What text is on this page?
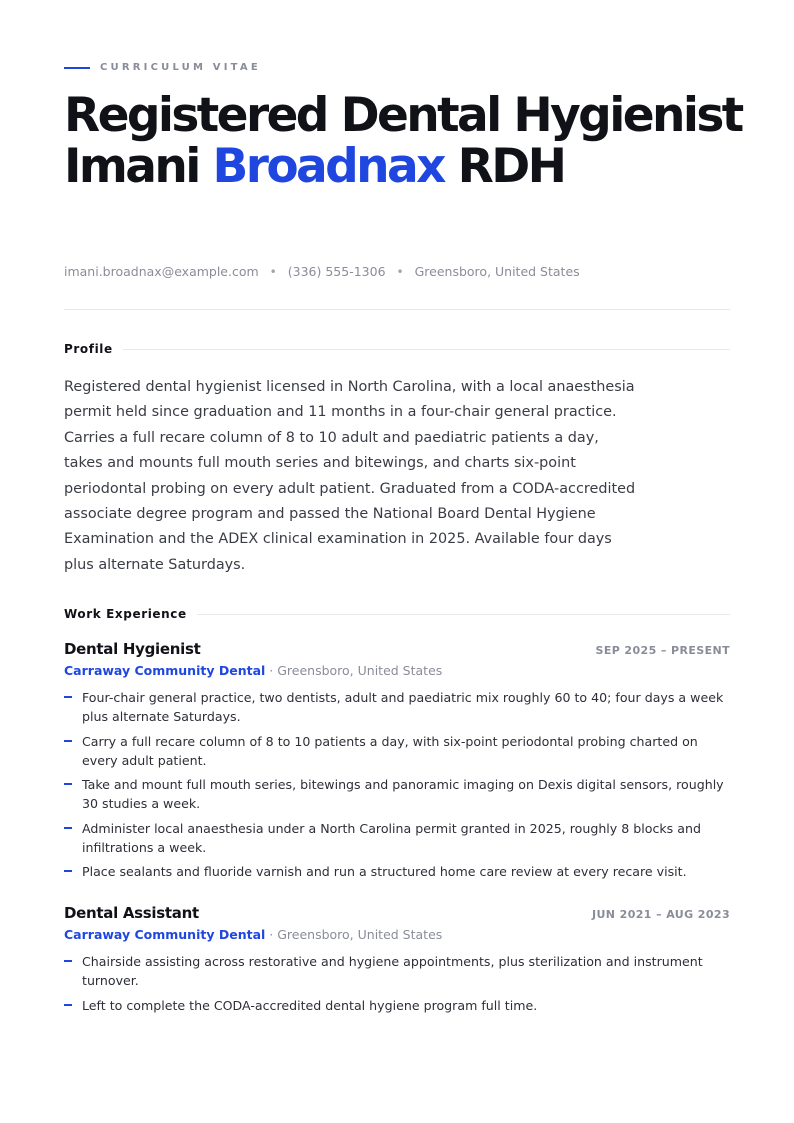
CURRICULUM VITAE
Registered Dental Hygienist Imani Broadnax RDH
imani.broadnax@example.com • (336) 555-1306 • Greensboro, United States
Profile

Registered dental hygienist licensed in North Carolina, with a local anaesthesia permit held since graduation and 11 months in a four-chair general practice. Carries a full recare column of 8 to 10 adult and paediatric patients a day, takes and mounts full mouth series and bitewings, and charts six-point periodontal probing on every adult patient. Graduated from a CODA-accredited associate degree program and passed the National Board Dental Hygiene Examination and the ADEX clinical examination in 2025. Available four days plus alternate Saturdays.

Work Experience
Dental Hygienist	SEP 2025 – PRESENT
Carraway Community Dental · Greensboro, United States
Four-chair general practice, two dentists, adult and paediatric mix roughly 60 to 40; four days a week plus alternate Saturdays.
Carry a full recare column of 8 to 10 patients a day, with six-point periodontal probing charted on every adult patient.
Take and mount full mouth series, bitewings and panoramic imaging on Dexis digital sensors, roughly 30 studies a week.
Administer local anaesthesia under a North Carolina permit granted in 2025, roughly 8 blocks and infiltrations a week.
Place sealants and fluoride varnish and run a structured home care review at every recare visit.
Dental Assistant	JUN 2021 – AUG 2023
Carraway Community Dental · Greensboro, United States
Chairside assisting across restorative and hygiene appointments, plus sterilization and instrument turnover.
Left to complete the CODA-accredited dental hygiene program full time.
